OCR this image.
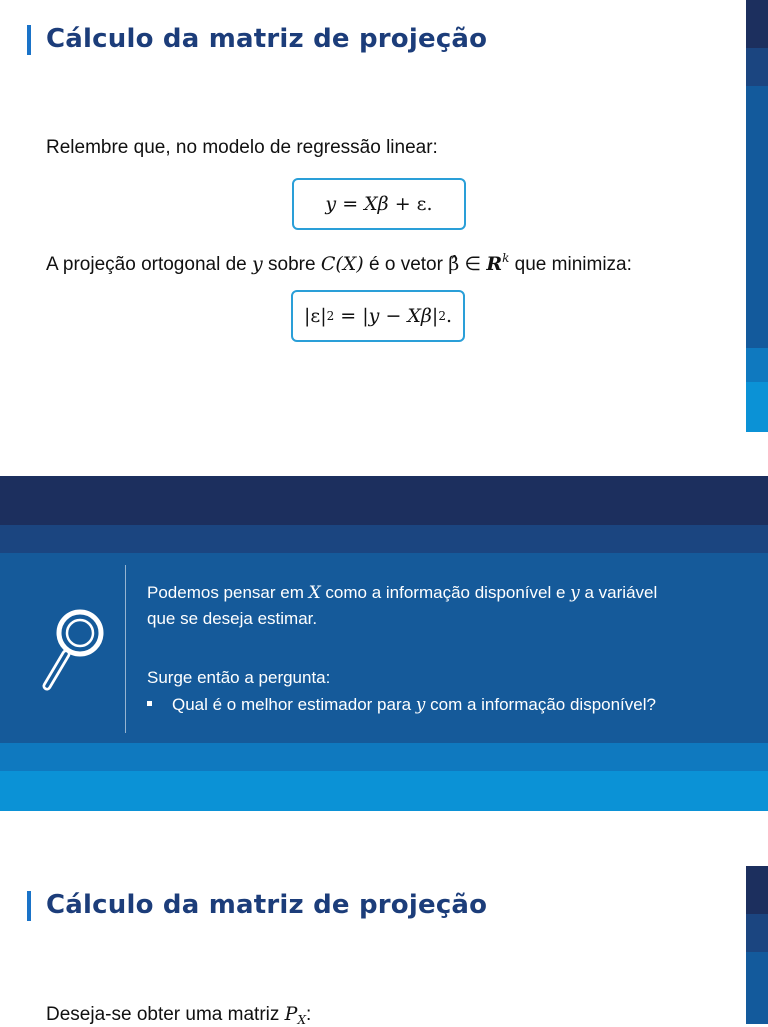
Cálculo da matriz de projeção
Relembre que, no modelo de regressão linear:
y = Xβ + ε.
A projeção ortogonal de y sobre C(X) é o vetor β̂ ∈ $R^k$ que minimiza:
|ε| 2 = | y − Xβ | 2 .
Podemos pensar em X como a informação disponível e y a variável
que se deseja estimar.
Surge então a pergunta:
Qual é o melhor estimador para y com a informação disponível?
Cálculo da matriz de projeção
Deseja-se obter uma matriz $P_X$:
